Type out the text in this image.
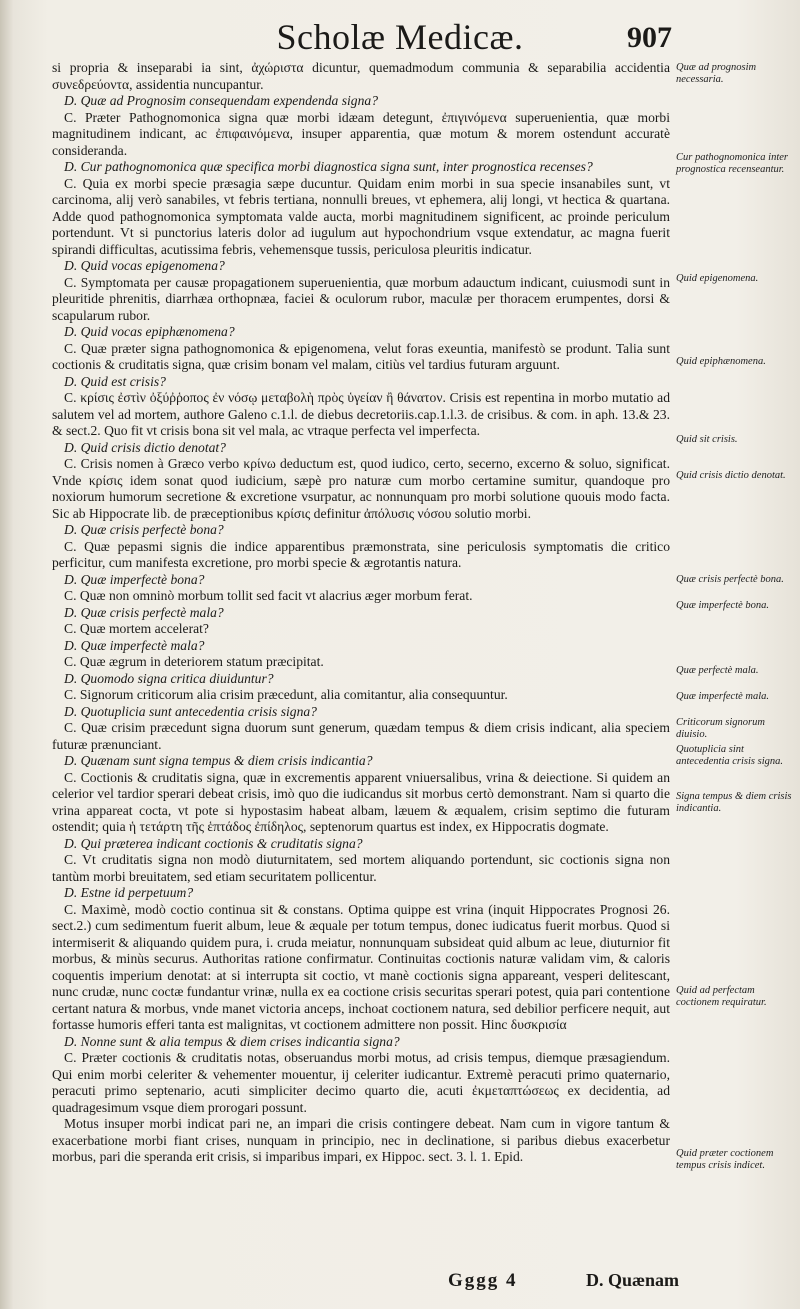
Scholæ Medicæ.	907

si propria & inseparabi ia sint, ἀχώριστα dicuntur, quemadmodum communia & separabilia accidentia συνεδρεύοντα, assidentia nuncupantur.

D. Quæ ad Prognosim consequendam expendenda signa?

C. Præter Pathognomonica signa quæ morbi idæam detegunt, ἐπιγινόμενα superuenientia, quæ morbi magnitudinem indicant, ac ἐπιφαινόμενα, insuper apparentia, quæ motum & morem ostendunt accuratè consideranda.

D. Cur pathognomonica quæ specifica morbi diagnostica signa sunt, inter prognostica recenses?

C. Quia ex morbi specie præsagia sæpe ducuntur. Quidam enim morbi in sua specie insanabiles sunt, vt carcinoma, alij verò sanabiles, vt febris tertiana, nonnulli breues, vt ephemera, alij longi, vt hectica & quartana. Adde quod pathognomonica symptomata valde aucta, morbi magnitudinem significent, ac proinde periculum portendunt. Vt si punctorius lateris dolor ad iugulum aut hypochondrium vsque extendatur, ac magna fuerit spirandi difficultas, acutissima febris, vehemensque tussis, periculosa pleuritis indicatur.

D. Quid vocas epigenomena?

C. Symptomata per causæ propagationem superuenientia, quæ morbum adauctum indicant, cuiusmodi sunt in pleuritide phrenitis, diarrhæa orthopnæa, faciei & oculorum rubor, maculæ per thoracem erumpentes, dorsi & scapularum rubor.

D. Quid vocas epiphænomena?

C. Quæ præter signa pathognomonica & epigenomena, velut foras exeuntia, manifestò se produnt. Talia sunt coctionis & cruditatis signa, quæ crisim bonam vel malam, citiùs vel tardius futuram arguunt.

D. Quid est crisis?

C. κρίσις ἐστὶν ὀξύῤῥοπος ἐν νόσῳ μεταβολὴ πρὸς ὑγείαν ἢ θάνατον. Crisis est repentina in morbo mutatio ad salutem vel ad mortem, authore Galeno c.1.l. de diebus decretoriis.cap.1.l.3. de crisibus. & com. in aph. 13.& 23. & sect.2. Quo fit vt crisis bona sit vel mala, ac vtraque perfecta vel imperfecta.

D. Quid crisis dictio denotat?

C. Crisis nomen à Græco verbo κρίνω deductum est, quod iudico, certo, secerno, excerno & soluo, significat. Vnde κρίσις idem sonat quod iudicium, sæpè pro naturæ cum morbo certamine sumitur, quandoque pro noxiorum humorum secretione & excretione vsurpatur, ac nonnunquam pro morbi solutione quouis modo facta. Sic ab Hippocrate lib. de præceptionibus κρίσις definitur ἀπόλυσις νόσου solutio morbi.

D. Quæ crisis perfectè bona?

C. Quæ pepasmi signis die indice apparentibus præmonstrata, sine periculosis symptomatis die critico perficitur, cum manifesta excretione, pro morbi specie & ægrotantis natura.

D. Quæ imperfectè bona?

C. Quæ non omninò morbum tollit sed facit vt alacrius æger morbum ferat.

D. Quæ crisis perfectè mala?

C. Quæ mortem accelerat?

D. Quæ imperfectè mala?

C. Quæ ægrum in deteriorem statum præcipitat.

D. Quomodo signa critica diuiduntur?

C. Signorum criticorum alia crisim præcedunt, alia comitantur, alia consequuntur.

D. Quotuplicia sunt antecedentia crisis signa?

C. Quæ crisim præcedunt signa duorum sunt generum, quædam tempus & diem crisis indicant, alia speciem futuræ prænunciant.

D. Quænam sunt signa tempus & diem crisis indicantia?

C. Coctionis & cruditatis signa, quæ in excrementis apparent vniuersalibus, vrina & deiectione. Si quidem an celerior vel tardior sperari debeat crisis, imò quo die iudicandus sit morbus certò demonstrant. Nam si quarto die vrina appareat cocta, vt pote si hypostasim habeat albam, læuem & æqualem, crisim septimo die futuram ostendit; quia ἡ τετάρτη τῆς ἑπτάδος ἐπίδηλος, septenorum quartus est index, ex Hippocratis dogmate.

D. Qui præterea indicant coctionis & cruditatis signa?

C. Vt cruditatis signa non modò diuturnitatem, sed mortem aliquando portendunt, sic coctionis signa non tantùm morbi breuitatem, sed etiam securitatem pollicentur.

D. Estne id perpetuum?

C. Maximè, modò coctio continua sit & constans. Optima quippe est vrina (inquit Hippocrates Prognosi 26. sect.2.) cum sedimentum fuerit album, leue & æquale per totum tempus, donec iudicatus fuerit morbus. Quod si intermiserit & aliquando quidem pura, i. cruda meiatur, nonnunquam subsideat quid album ac leue, diuturnior fit morbus, & minùs securus. Authoritas ratione confirmatur. Continuitas coctionis naturæ validam vim, & caloris coquentis imperium denotat: at si interrupta sit coctio, vt manè coctionis signa appareant, vesperi delitescant, nunc crudæ, nunc coctæ fundantur vrinæ, nulla ex ea coctione crisis securitas sperari potest, quia pari contentione certant natura & morbus, vnde manet victoria anceps, inchoat coctionem natura, sed debilior perficere nequit, aut fortasse humoris efferi tanta est malignitas, vt coctionem admittere non possit. Hinc δυσκρισία

D. Nonne sunt & alia tempus & diem crises indicantia signa?

C. Præter coctionis & cruditatis notas, obseruandus morbi motus, ad crisis tempus, diemque præsagiendum. Qui enim morbi celeriter & vehementer mouentur, ij celeriter iudicantur. Extremè peracuti primo quaternario, peracuti primo septenario, acuti simpliciter decimo quarto die, acuti ἐκμεταπτώσεως ex decidentia, ad quadragesimum vsque diem prorogari possunt.

Motus insuper morbi indicat pari ne, an impari die crisis contingere debeat. Nam cum in vigore tantum & exacerbatione morbi fiant crises, nunquam in principio, nec in declinatione, si paribus diebus exacerbetur morbus, pari die speranda erit crisis, si imparibus impari, ex Hippoc. sect. 3. l. 1. Epid.

Quæ ad prognosim necessaria.
Cur pathognomonica inter prognostica recenseantur.
Quid epigenomena.
Quid epiphænomena.
Quid sit crisis.
Quid crisis dictio denotat.
Quæ crisis perfectè bona.
Quæ imperfectè bona.
Quæ perfectè mala.
Quæ imperfectè mala.
Criticorum signorum diuisio.
Quotuplicia sint antecedentia crisis signa.
Signa tempus & diem crisis indicantia.
Quid ad perfectam coctionem requiratur.
Quid præter coctionem tempus crisis indicet.
Gggg 4	D. Quænam
